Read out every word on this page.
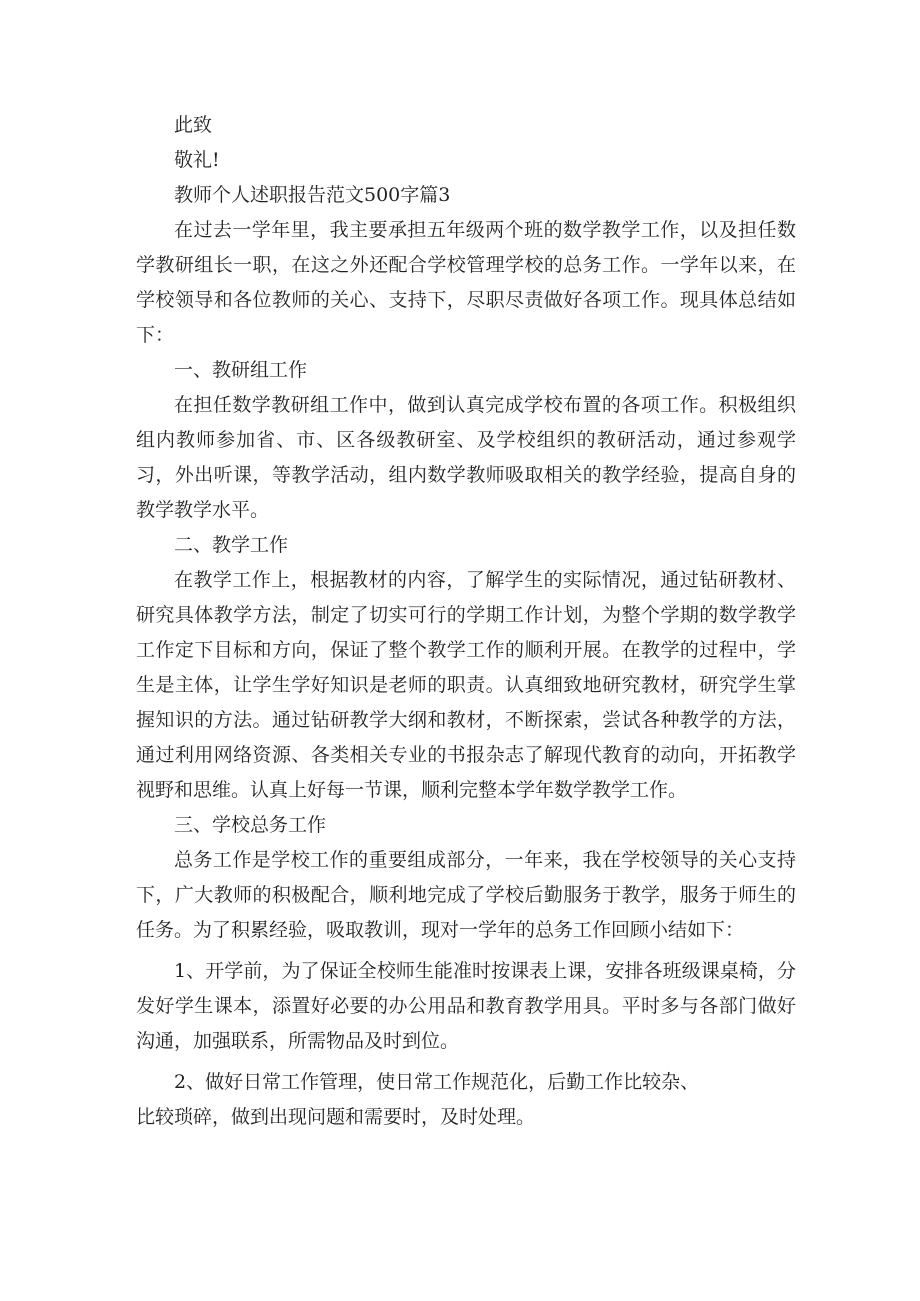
此致
敬礼!
教师个人述职报告范文500字篇3

在过去一学年里，我主要承担五年级两个班的数学教学工作，以及担任数学教研组长一职，在这之外还配合学校管理学校的总务工作。一学年以来，在学校领导和各位教师的关心、支持下，尽职尽责做好各项工作。现具体总结如下：

一、教研组工作

在担任数学教研组工作中，做到认真完成学校布置的各项工作。积极组织组内教师参加省、市、区各级教研室、及学校组织的教研活动，通过参观学习，外出听课，等教学活动，组内数学教师吸取相关的教学经验，提高自身的教学教学水平。

二、教学工作

在教学工作上，根据教材的内容，了解学生的实际情况，通过钻研教材、研究具体教学方法，制定了切实可行的学期工作计划，为整个学期的数学教学工作定下目标和方向，保证了整个教学工作的顺利开展。在教学的过程中，学生是主体，让学生学好知识是老师的职责。认真细致地研究教材，研究学生掌握知识的方法。通过钻研教学大纲和教材，不断探索，尝试各种教学的方法，通过利用网络资源、各类相关专业的书报杂志了解现代教育的动向，开拓教学视野和思维。认真上好每一节课，顺利完整本学年数学教学工作。

三、学校总务工作

总务工作是学校工作的重要组成部分，一年来，我在学校领导的关心支持下，广大教师的积极配合，顺利地完成了学校后勤服务于教学，服务于师生的任务。为了积累经验，吸取教训，现对一学年的总务工作回顾小结如下：

1、开学前，为了保证全校师生能准时按课表上课，安排各班级课桌椅，分发好学生课本，添置好必要的办公用品和教育教学用具。平时多与各部门做好沟通，加强联系，所需物品及时到位。

2、做好日常工作管理，使日常工作规范化，后勤工作比较杂、
比较琐碎，做到出现问题和需要时，及时处理。
